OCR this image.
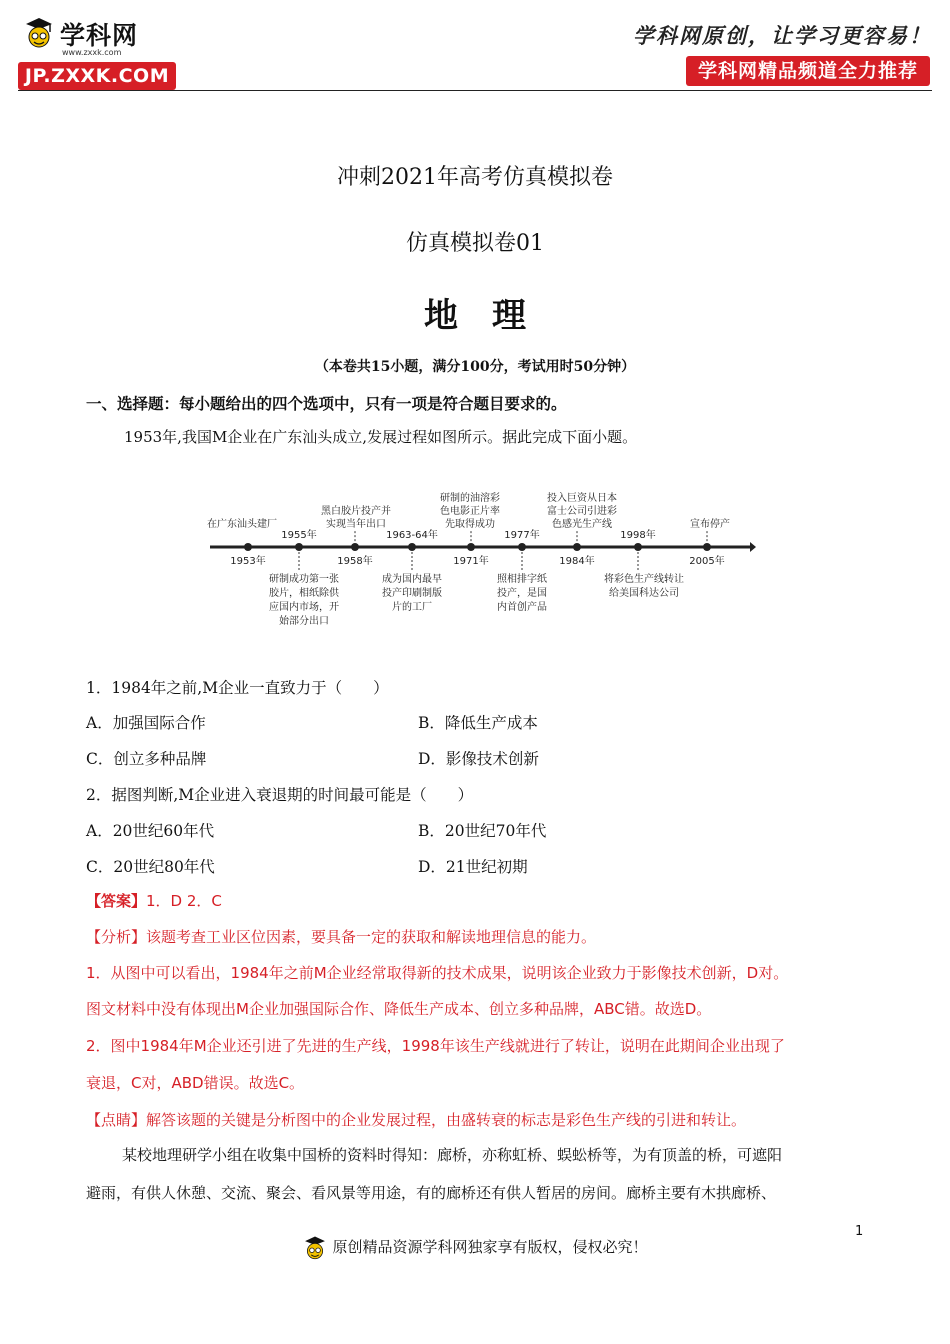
学科网
www.zxxk.com
JP.ZXXK.COM
学科网原创，让学习更容易！
学科网精品频道全力推荐
冲刺2021年高考仿真模拟卷
仿真模拟卷01
地理
（本卷共15小题，满分100分，考试用时50分钟）
一、选择题：每小题给出的四个选项中，只有一项是符合题目要求的。
1953年,我国M企业在广东汕头成立,发展过程如图所示。据此完成下面小题。
1953年
1955年
1958年
1963-64年
1971年
1977年
1984年
1998年
2005年
在广东汕头建厂
黑白胶片投产并
实现当年出口
研制的油溶彩
色电影正片率
先取得成功
投入巨资从日本
富士公司引进彩
色感光生产线	宣布停产
研制成功第一张
胶片，相纸除供
应国内市场，开
始部分出口
成为国内最早
投产印刷制版
片的工厂
照相排字纸
投产，是国
内首创产品
将彩色生产线转让
给美国科达公司
1．1984年之前,M企业一直致力于（　　）
A．加强国际合作	B．降低生产成本
C．创立多种品牌	D．影像技术创新
2．据图判断,M企业进入衰退期的时间最可能是（　　）
A．20世纪60年代	B．20世纪70年代
C．20世纪80年代	D．21世纪初期
【答案】1．D 2．C
【分析】该题考查工业区位因素，要具备一定的获取和解读地理信息的能力。
1．从图中可以看出，1984年之前M企业经常取得新的技术成果，说明该企业致力于影像技术创新，D对。
图文材料中没有体现出M企业加强国际合作、降低生产成本、创立多种品牌，ABC错。故选D。
2．图中1984年M企业还引进了先进的生产线，1998年该生产线就进行了转让，说明在此期间企业出现了
衰退，C对，ABD错误。故选C。
【点睛】解答该题的关键是分析图中的企业发展过程，由盛转衰的标志是彩色生产线的引进和转让。
某校地理研学小组在收集中国桥的资料时得知：廊桥，亦称虹桥、蜈蚣桥等，为有顶盖的桥，可遮阳
避雨，有供人休憩、交流、聚会、看风景等用途，有的廊桥还有供人暂居的房间。廊桥主要有木拱廊桥、
1
原创精品资源学科网独家享有版权，侵权必究！
